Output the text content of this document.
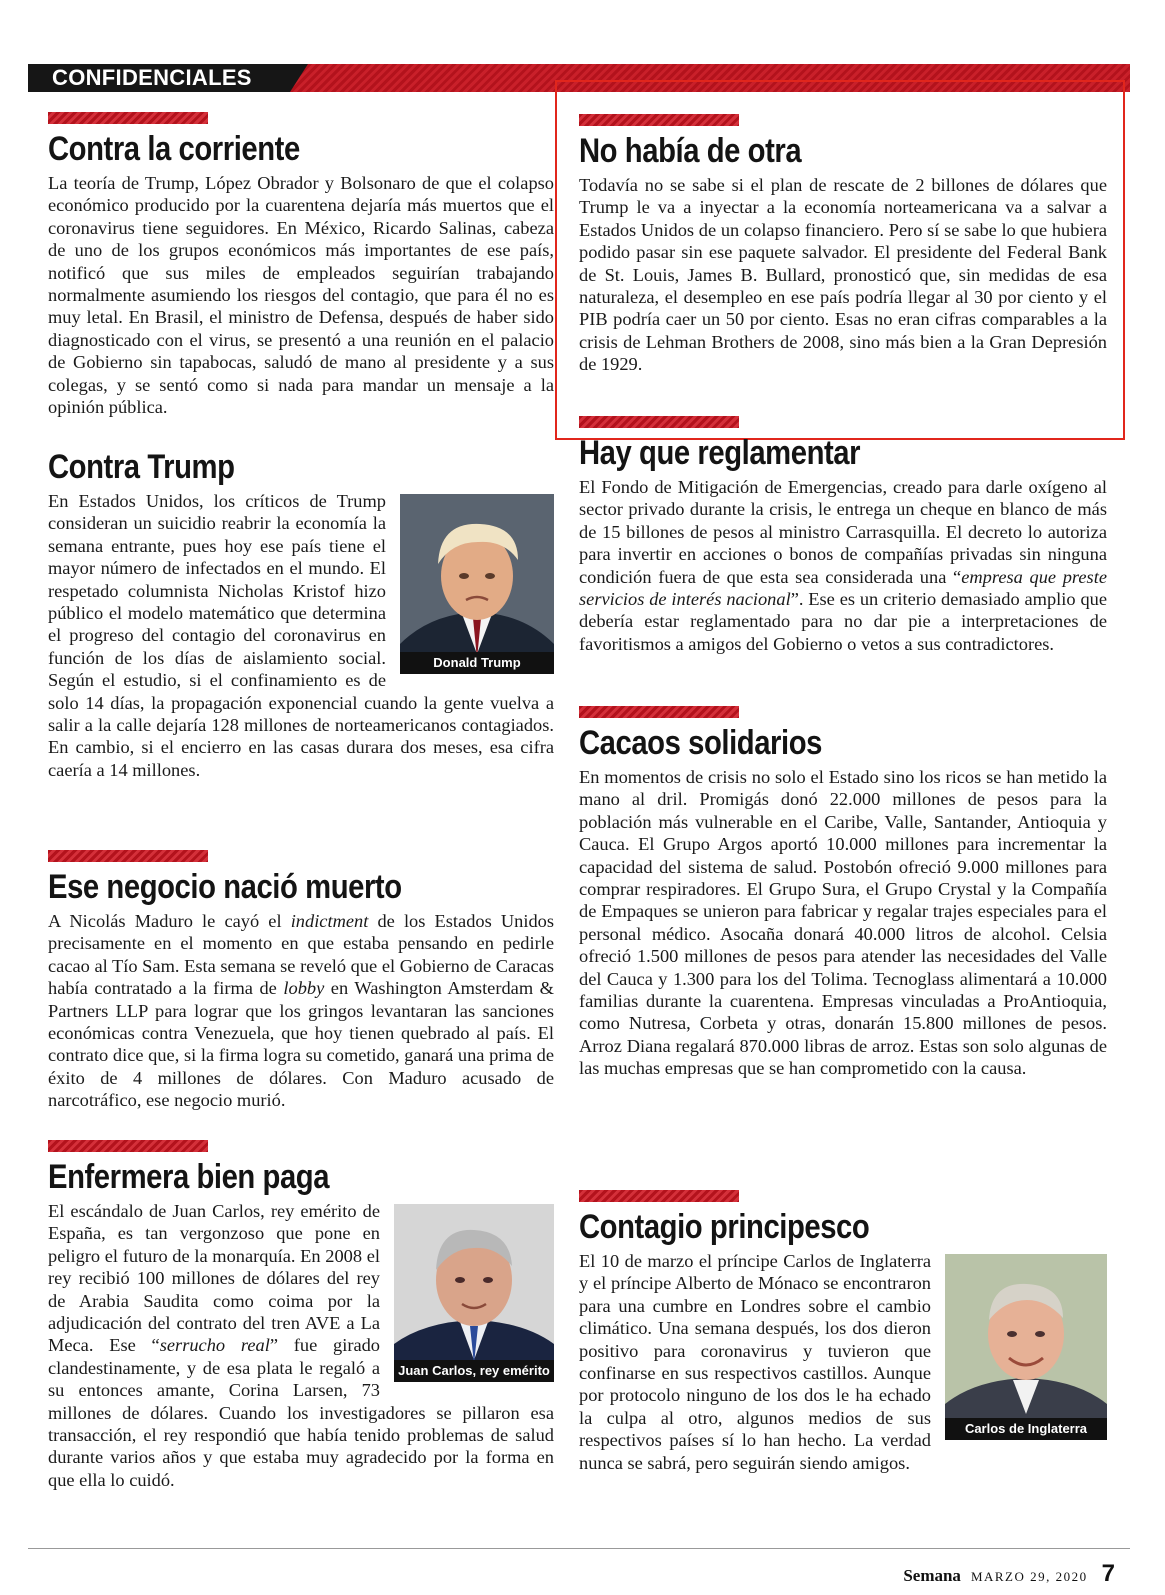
CONFIDENCIALES
Contra la corriente

La teoría de Trump, López Obrador y Bolsonaro de que el colapso económico producido por la cuarentena dejaría más muertos que el coronavirus tiene seguidores. En México, Ricardo Salinas, cabeza de uno de los grupos económicos más importantes de ese país, notificó que sus miles de empleados seguirían trabajando normalmente asumiendo los riesgos del contagio, que para él no es muy letal. En Brasil, el ministro de Defensa, después de haber sido diagnosticado con el virus, se presentó a una reunión en el palacio de Gobierno sin tapabocas, saludó de mano al presidente y a sus colegas, y se sentó como si nada para mandar un mensaje a la opinión pública.

Contra Trump
Donald Trump

En Estados Unidos, los críticos de Trump consideran un suicidio reabrir la economía la semana entrante, pues hoy ese país tiene el mayor número de infectados en el mundo. El respetado columnista Nicholas Kristof hizo público el modelo matemático que determina el progreso del contagio del coronavirus en función de los días de aislamiento social. Según el estudio, si el confinamiento es de solo 14 días, la propagación exponencial cuando la gente vuelva a salir a la calle dejaría 128 millones de norteamericanos contagiados. En cambio, si el encierro en las casas durara dos meses, esa cifra caería a 14 millones.

Ese negocio nació muerto

A Nicolás Maduro le cayó el indictment de los Estados Unidos precisamente en el momento en que estaba pensando en pedirle cacao al Tío Sam. Esta semana se reveló que el Gobierno de Caracas había contratado a la firma de lobby en Washington Amsterdam & Partners LLP para lograr que los gringos levantaran las sanciones económicas contra Venezuela, que hoy tienen quebrado al país. El contrato dice que, si la firma logra su cometido, ganará una prima de éxito de 4 millones de dólares. Con Maduro acusado de narcotráfico, ese negocio murió.

Enfermera bien paga
Juan Carlos, rey emérito

El escándalo de Juan Carlos, rey emérito de España, es tan vergonzoso que pone en peligro el futuro de la monarquía. En 2008 el rey recibió 100 millones de dólares del rey de Arabia Saudita como coima por la adjudicación del contrato del tren AVE a La Meca. Ese “serrucho real” fue girado clandestinamente, y de esa plata le regaló a su entonces amante, Corina Larsen, 73 millones de dólares. Cuando los investigadores se pillaron esa transacción, el rey respondió que había tenido problemas de salud durante varios años y que estaba muy agradecido por la forma en que ella lo cuidó.

No había de otra

Todavía no se sabe si el plan de rescate de 2 billones de dólares que Trump le va a inyectar a la economía norteamericana va a salvar a Estados Unidos de un colapso financiero. Pero sí se sabe lo que hubiera podido pasar sin ese paquete salvador. El presidente del Federal Bank de St. Louis, James B. Bullard, pronosticó que, sin medidas de esa naturaleza, el desempleo en ese país podría llegar al 30 por ciento y el PIB podría caer un 50 por ciento. Esas no eran cifras comparables a la crisis de Lehman Brothers de 2008, sino más bien a la Gran Depresión de 1929.

Hay que reglamentar

El Fondo de Mitigación de Emergencias, creado para darle oxígeno al sector privado durante la crisis, le entrega un cheque en blanco de más de 15 billones de pesos al ministro Carrasquilla. El decreto lo autoriza para invertir en acciones o bonos de compañías privadas sin ninguna condición fuera de que esta sea considerada una “empresa que preste servicios de interés nacional”. Ese es un criterio demasiado amplio que debería estar reglamentado para no dar pie a interpretaciones de favoritismos a amigos del Gobierno o vetos a sus contradictores.

Cacaos solidarios

En momentos de crisis no solo el Estado sino los ricos se han metido la mano al dril. Promigás donó 22.000 millones de pesos para la población más vulnerable en el Caribe, Valle, Santander, Antioquia y Cauca. El Grupo Argos aportó 10.000 millones para incrementar la capacidad del sistema de salud. Postobón ofreció 9.000 millones para comprar respiradores. El Grupo Sura, el Grupo Crystal y la Compañía de Empaques se unieron para fabricar y regalar trajes especiales para el personal médico. Asocaña donará 40.000 litros de alcohol. Celsia ofreció 1.500 millones de pesos para atender las necesidades del Valle del Cauca y 1.300 para los del Tolima. Tecnoglass alimentará a 10.000 familias durante la cuarentena. Empresas vinculadas a ProAntioquia, como Nutresa, Corbeta y otras, donarán 15.800 millones de pesos. Arroz Diana regalará 870.000 libras de arroz. Estas son solo algunas de las muchas empresas que se han comprometido con la causa.

Contagio principesco
Carlos de Inglaterra

El 10 de marzo el príncipe Carlos de Inglaterra y el príncipe Alberto de Mónaco se encontraron para una cumbre en Londres sobre el cambio climático. Una semana después, los dos dieron positivo para coronavirus y tuvieron que confinarse en sus respectivos castillos. Aunque por protocolo ninguno de los dos le ha echado la culpa al otro, algunos medios de sus respectivos países sí lo han hecho. La verdad nunca se sabrá, pero seguirán siendo amigos.

Semana MARZO 29, 2020 7
